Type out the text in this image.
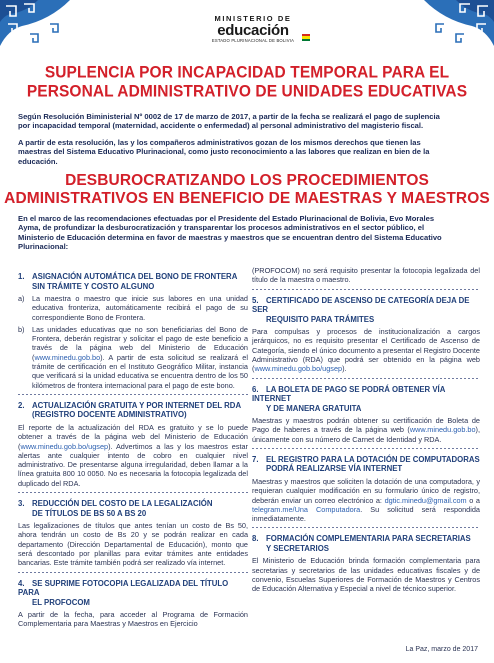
MINISTERIO DE
educación
ESTADO PLURINACIONAL DE BOLIVIA
SUPLENCIA POR INCAPACIDAD TEMPORAL PARA EL
PERSONAL ADMINISTRATIVO DE UNIDADES EDUCATIVAS
Según Resolución Biministerial Nº 0002 de 17 de marzo de 2017, a partir de la fecha se realizará el pago de suplencia
por incapacidad temporal (maternidad, accidente o enfermedad) al personal administrativo del magisterio fiscal.
A partir de esta resolución, las y los compañeros administrativos gozan de los mismos derechos que tienen las
maestras del Sistema Educativo Plurinacional, como justo reconocimiento a las labores que realizan en bien de la
educación.
DESBUROCRATIZANDO LOS PROCEDIMIENTOS
ADMINISTRATIVOS EN BENEFICIO DE MAESTRAS Y MAESTROS
En el marco de las recomendaciones efectuadas por el Presidente del Estado Plurinacional de Bolivia, Evo Morales
Ayma, de profundizar la desburocratización y transparentar los procesos administrativos en el sector público, el
Ministerio de Educación determina en favor de maestras y maestros que se encuentran dentro del Sistema Educativo
Plurinacional:
1. ASIGNACIÓN AUTOMÁTICA DEL BONO DE FRONTERA
SIN TRÁMITE Y COSTO ALGUNO
a)	La maestra o maestro que inicie sus labores en una unidad educativa fronteriza, automáticamente recibirá el pago de su correspondiente Bono de Frontera.
b)	Las unidades educativas que no son beneficiarias del Bono de Frontera, deberán registrar y solicitar el pago de este beneficio a través de la página web del Ministerio de Educación (www.minedu.gob.bo). A partir de esta solicitud se realizará el trámite de certificación en el Instituto Geográfico Militar, instancia que verificará si la unidad educativa se encuentra dentro de los 50 kilómetros de frontera internacional para el pago de este bono.
2. ACTUALIZACIÓN GRATUITA Y POR INTERNET DEL RDA
(REGISTRO DOCENTE ADMINISTRATIVO)
El reporte de la actualización del RDA es gratuito y se lo puede obtener a través de la página web del Ministerio de Educación (www.minedu.gob.bo/ugsep). Advertimos a las y los maestros estar alertas ante cualquier intento de cobro en cualquier nivel administrativo. De presentarse alguna irregularidad, deben llamar a la línea gratuita 800 10 0050. No es necesaria la fotocopia legalizada del duplicado del RDA.
3. REDUCCIÓN DEL COSTO DE LA LEGALIZACIÓN
DE TÍTULOS DE BS 50 A BS 20
Las legalizaciones de títulos que antes tenían un costo de Bs 50, ahora tendrán un costo de Bs 20 y se podrán realizar en cada departamento (Dirección Departamental de Educación), monto que será descontado por planillas para evitar trámites ante entidades bancarias. Este trámite también podrá ser realizado vía internet.
4. SE SUPRIME FOTOCOPIA LEGALIZADA DEL TÍTULO PARA
EL PROFOCOM
A partir de la fecha, para acceder al Programa de Formación Complementaria para Maestras y Maestros en Ejercicio
(PROFOCOM) no será requisito presentar la fotocopia legalizada del título de la maestra o maestro.
5. CERTIFICADO DE ASCENSO DE CATEGORÍA DEJA DE SER
REQUISITO PARA TRÁMITES
Para compulsas y procesos de institucionalización a cargos jerárquicos, no es requisito presentar el Certificado de Ascenso de Categoría, siendo el único documento a presentar el Registro Docente Administrativo (RDA) que podrá ser obtenido en la página web (www.minedu.gob.bo/ugsep).
6. LA BOLETA DE PAGO SE PODRÁ OBTENER VÍA INTERNET
Y DE MANERA GRATUITA
Maestras y maestros podrán obtener su certificación de Boleta de Pago de haberes a través de la página web (www.minedu.gob.bo), únicamente con su número de Carnet de Identidad y RDA.
7. EL REGISTRO PARA LA DOTACIÓN DE COMPUTADORAS
PODRÁ REALIZARSE VÍA INTERNET
Maestras y maestros que soliciten la dotación de una computadora, y requieran cualquier modificación en su formulario único de registro, deberán enviar un correo electrónico a: dgtic.minedu@gmail.com o a telegram.me/Una Computadora. Su solicitud será respondida inmediatamente.
8. FORMACIÓN COMPLEMENTARIA PARA SECRETARIAS
Y SECRETARIOS
El Ministerio de Educación brinda formación complementaria para secretarias y secretarios de las unidades educativas fiscales y de convenio, Escuelas Superiores de Formación de Maestros y Centros de Educación Alternativa y Especial a nivel de técnico superior.
La Paz, marzo de 2017
